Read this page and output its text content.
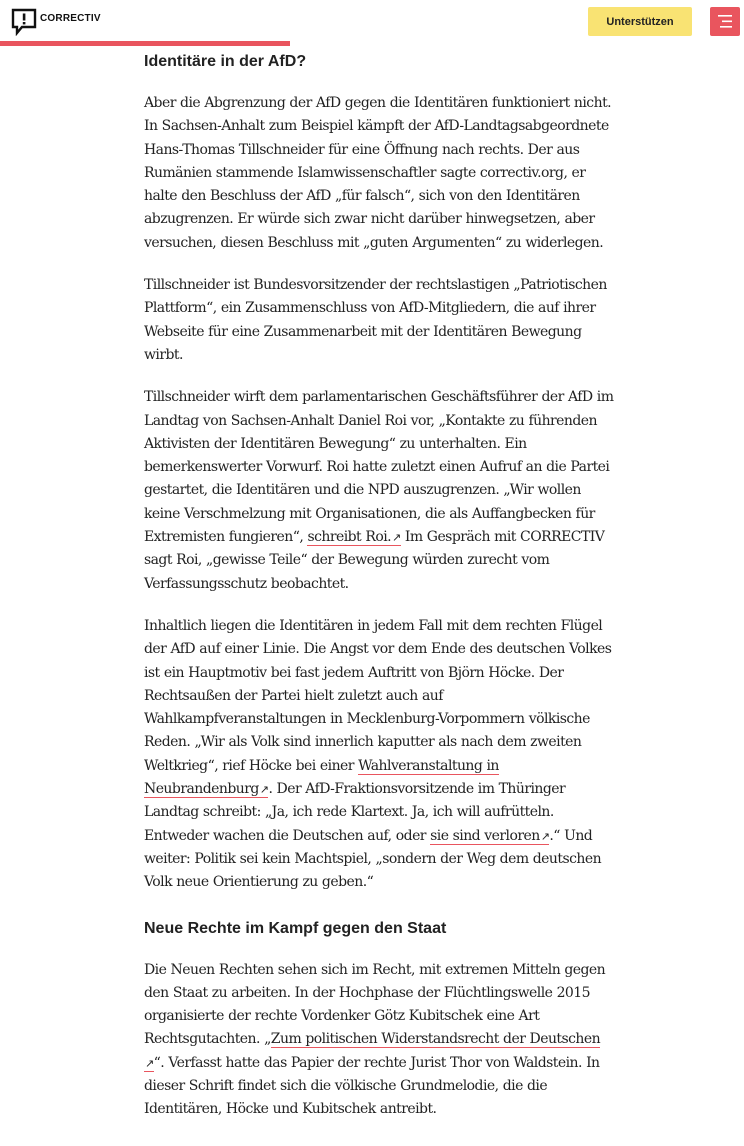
CORRECTIV	Unterstützen
Identitäre in der AfD?

Aber die Abgrenzung der AfD gegen die Identitären funktioniert nicht. In Sachsen-Anhalt zum Beispiel kämpft der AfD-Landtagsabgeordnete Hans-Thomas Tillschneider für eine Öffnung nach rechts. Der aus Rumänien stammende Islamwissenschaftler sagte correctiv.org, er halte den Beschluss der AfD „für falsch“, sich von den Identitären abzugrenzen. Er würde sich zwar nicht darüber hinwegsetzen, aber versuchen, diesen Beschluss mit „guten Argumenten“ zu widerlegen.

Tillschneider ist Bundesvorsitzender der rechtslastigen „Patriotischen Plattform“, ein Zusammenschluss von AfD-Mitgliedern, die auf ihrer Webseite für eine Zusammenarbeit mit der Identitären Bewegung wirbt.

Tillschneider wirft dem parlamentarischen Geschäftsführer der AfD im Landtag von Sachsen-Anhalt Daniel Roi vor, „Kontakte zu führenden Aktivisten der Identitären Bewegung“ zu unterhalten. Ein bemerkenswerter Vorwurf. Roi hatte zuletzt einen Aufruf an die Partei gestartet, die Identitären und die NPD auszugrenzen. „Wir wollen keine Verschmelzung mit Organisationen, die als Auffangbecken für Extremisten fungieren“, schreibt Roi.↗ Im Gespräch mit CORRECTIV sagt Roi, „gewisse Teile“ der Bewegung würden zurecht vom Verfassungsschutz beobachtet.

Inhaltlich liegen die Identitären in jedem Fall mit dem rechten Flügel der AfD auf einer Linie. Die Angst vor dem Ende des deutschen Volkes ist ein Hauptmotiv bei fast jedem Auftritt von Björn Höcke. Der Rechtsaußen der Partei hielt zuletzt auch auf Wahlkampfveranstaltungen in Mecklenburg-Vorpommern völkische Reden. „Wir als Volk sind innerlich kaputter als nach dem zweiten Weltkrieg“, rief Höcke bei einer Wahlveranstaltung in Neubrandenburg↗. Der AfD-Fraktionsvorsitzende im Thüringer Landtag schreibt: „Ja, ich rede Klartext. Ja, ich will aufrütteln. Entweder wachen die Deutschen auf, oder sie sind verloren↗.“ Und weiter: Politik sei kein Machtspiel, „sondern der Weg dem deutschen Volk neue Orientierung zu geben.“

Neue Rechte im Kampf gegen den Staat

Die Neuen Rechten sehen sich im Recht, mit extremen Mitteln gegen den Staat zu arbeiten. In der Hochphase der Flüchtlingswelle 2015 organisierte der rechte Vordenker Götz Kubitschek eine Art Rechtsgutachten. „Zum politischen Widerstandsrecht der Deutschen ↗“. Verfasst hatte das Papier der rechte Jurist Thor von Waldstein. In dieser Schrift findet sich die völkische Grundmelodie, die die Identitären, Höcke und Kubitschek antreibt.
